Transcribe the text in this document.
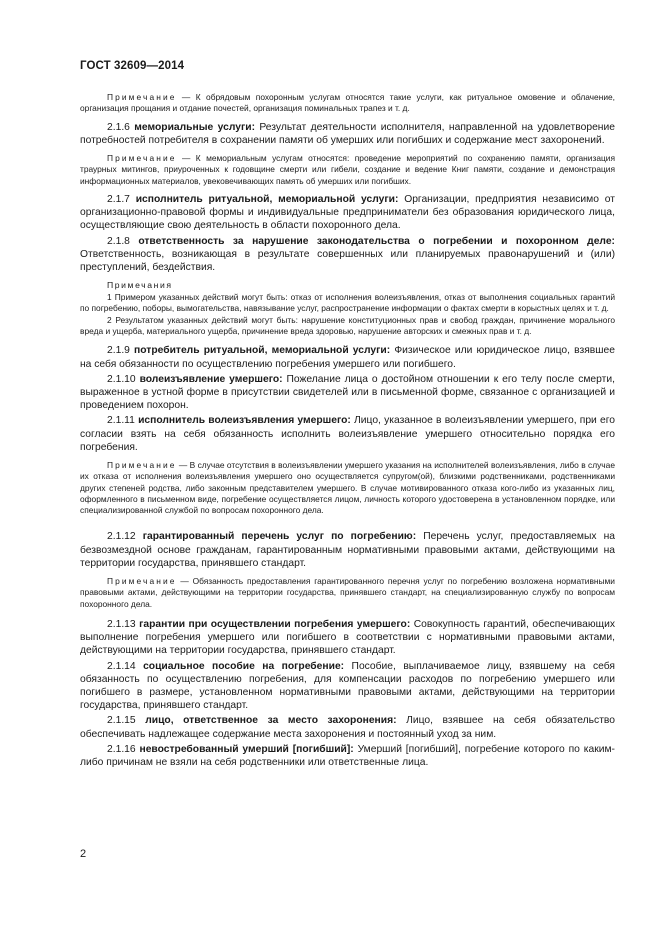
ГОСТ 32609—2014

Примечание — К обрядовым похоронным услугам относятся такие услуги, как ритуальное омовение и облачение, организация прощания и отдание почестей, организация поминальных трапез и т. д.

2.1.6 мемориальные услуги: Результат деятельности исполнителя, направленной на удовлетворение потребностей потребителя в сохранении памяти об умерших или погибших и содержание мест захоронений.

Примечание — К мемориальным услугам относятся: проведение мероприятий по сохранению памяти, организация траурных митингов, приуроченных к годовщине смерти или гибели, создание и ведение Книг памяти, создание и демонстрация информационных материалов, увековечивающих память об умерших или погибших.

2.1.7 исполнитель ритуальной, мемориальной услуги: Организации, предприятия независимо от организационно-правовой формы и индивидуальные предприниматели без образования юридического лица, осуществляющие свою деятельность в области похоронного дела.

2.1.8 ответственность за нарушение законодательства о погребении и похоронном деле: Ответственность, возникающая в результате совершенных или планируемых правонарушений и (или) преступлений, бездействия.

Примечания

1 Примером указанных действий могут быть: отказ от исполнения волеизъявления, отказ от выполнения социальных гарантий по погребению, поборы, вымогательства, навязывание услуг, распространение информации о фактах смерти в корыстных целях и т. д.

2 Результатом указанных действий могут быть: нарушение конституционных прав и свобод граждан, причинение морального вреда и ущерба, материального ущерба, причинение вреда здоровью, нарушение авторских и смежных прав и т. д.

2.1.9 потребитель ритуальной, мемориальной услуги: Физическое или юридическое лицо, взявшее на себя обязанности по осуществлению погребения умершего или погибшего.

2.1.10 волеизъявление умершего: Пожелание лица о достойном отношении к его телу после смерти, выраженное в устной форме в присутствии свидетелей или в письменной форме, связанное с организацией и проведением похорон.

2.1.11 исполнитель волеизъявления умершего: Лицо, указанное в волеизъявлении умершего, при его согласии взять на себя обязанность исполнить волеизъявление умершего относительно порядка его погребения.

Примечание — В случае отсутствия в волеизъявлении умершего указания на исполнителей волеизъявления, либо в случае их отказа от исполнения волеизъявления умершего оно осуществляется супругом(ой), близкими родственниками, родственниками других степеней родства, либо законным представителем умершего. В случае мотивированного отказа кого-либо из указанных лиц, оформленного в письменном виде, погребение осуществляется лицом, личность которого удостоверена в установленном порядке, или специализированной службой по вопросам похоронного дела.

2.1.12 гарантированный перечень услуг по погребению: Перечень услуг, предоставляемых на безвозмездной основе гражданам, гарантированным нормативными правовыми актами, действующими на территории государства, принявшего стандарт.

Примечание — Обязанность предоставления гарантированного перечня услуг по погребению возложена нормативными правовыми актами, действующими на территории государства, принявшего стандарт, на специализированную службу по вопросам похоронного дела.

2.1.13 гарантии при осуществлении погребения умершего: Совокупность гарантий, обеспечивающих выполнение погребения умершего или погибшего в соответствии с нормативными правовыми актами, действующими на территории государства, принявшего стандарт.

2.1.14 социальное пособие на погребение: Пособие, выплачиваемое лицу, взявшему на себя обязанность по осуществлению погребения, для компенсации расходов по погребению умершего или погибшего в размере, установленном нормативными правовыми актами, действующими на территории государства, принявшего стандарт.

2.1.15 лицо, ответственное за место захоронения: Лицо, взявшее на себя обязательство обеспечивать надлежащее содержание места захоронения и постоянный уход за ним.

2.1.16 невостребованный умерший [погибший]: Умерший [погибший], погребение которого по каким-либо причинам не взяли на себя родственники или ответственные лица.

2
